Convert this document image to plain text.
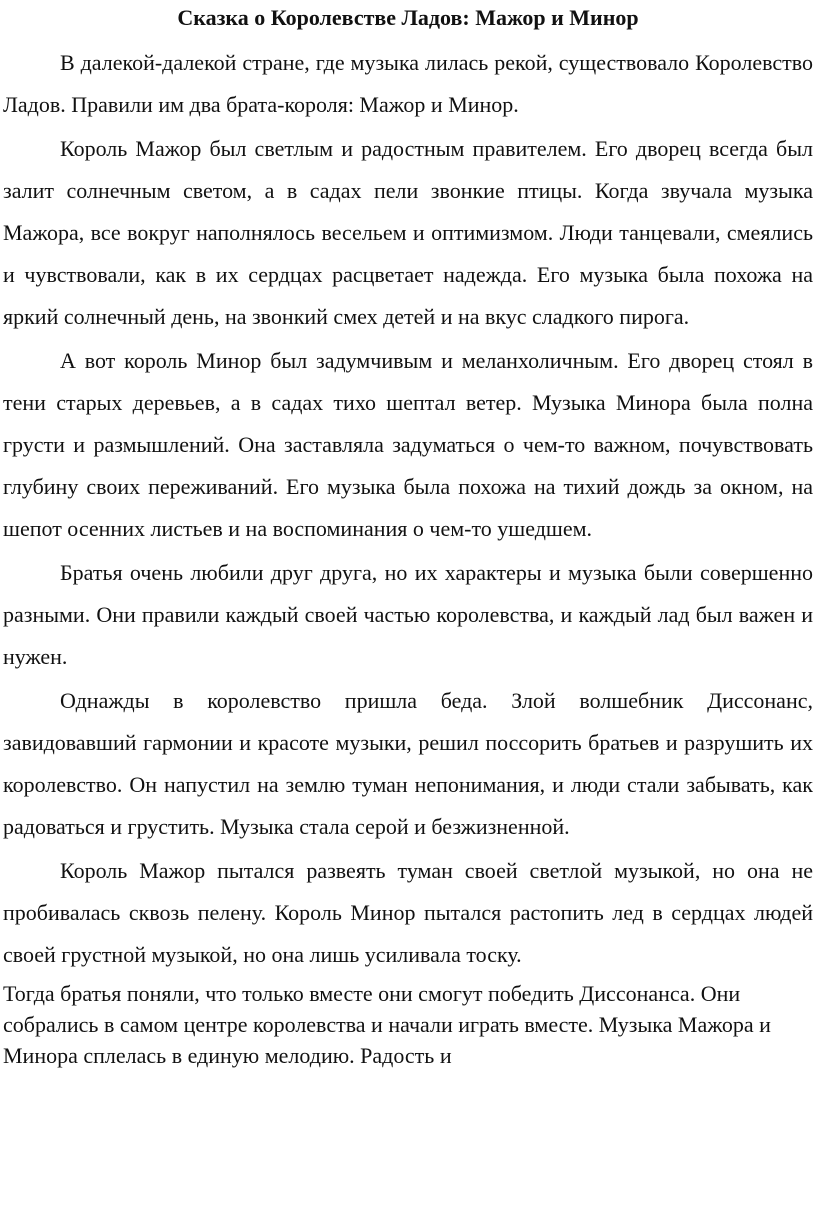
Сказка о Королевстве Ладов: Мажор и Минор

В далекой-далекой стране, где музыка лилась рекой, существовало Королевство Ладов. Правили им два брата-короля: Мажор и Минор.

Король Мажор был светлым и радостным правителем. Его дворец всегда был залит солнечным светом, а в садах пели звонкие птицы. Когда звучала музыка Мажора, все вокруг наполнялось весельем и оптимизмом. Люди танцевали, смеялись и чувствовали, как в их сердцах расцветает надежда. Его музыка была похожа на яркий солнечный день, на звонкий смех детей и на вкус сладкого пирога.

А вот король Минор был задумчивым и меланхоличным. Его дворец стоял в тени старых деревьев, а в садах тихо шептал ветер. Музыка Минора была полна грусти и размышлений. Она заставляла задуматься о чем-то важном, почувствовать глубину своих переживаний. Его музыка была похожа на тихий дождь за окном, на шепот осенних листьев и на воспоминания о чем-то ушедшем.

Братья очень любили друг друга, но их характеры и музыка были совершенно разными. Они правили каждый своей частью королевства, и каждый лад был важен и нужен.

Однажды в королевство пришла беда. Злой волшебник Диссонанс, завидовавший гармонии и красоте музыки, решил поссорить братьев и разрушить их королевство. Он напустил на землю туман непонимания, и люди стали забывать, как радоваться и грустить. Музыка стала серой и безжизненной.

Король Мажор пытался развеять туман своей светлой музыкой, но она не пробивалась сквозь пелену. Король Минор пытался растопить лед в сердцах людей своей грустной музыкой, но она лишь усиливала тоску.

Тогда братья поняли, что только вместе они смогут победить Диссонанса. Они собрались в самом центре королевства и начали играть вместе. Музыка Мажора и Минора сплелась в единую мелодию. Радость и
